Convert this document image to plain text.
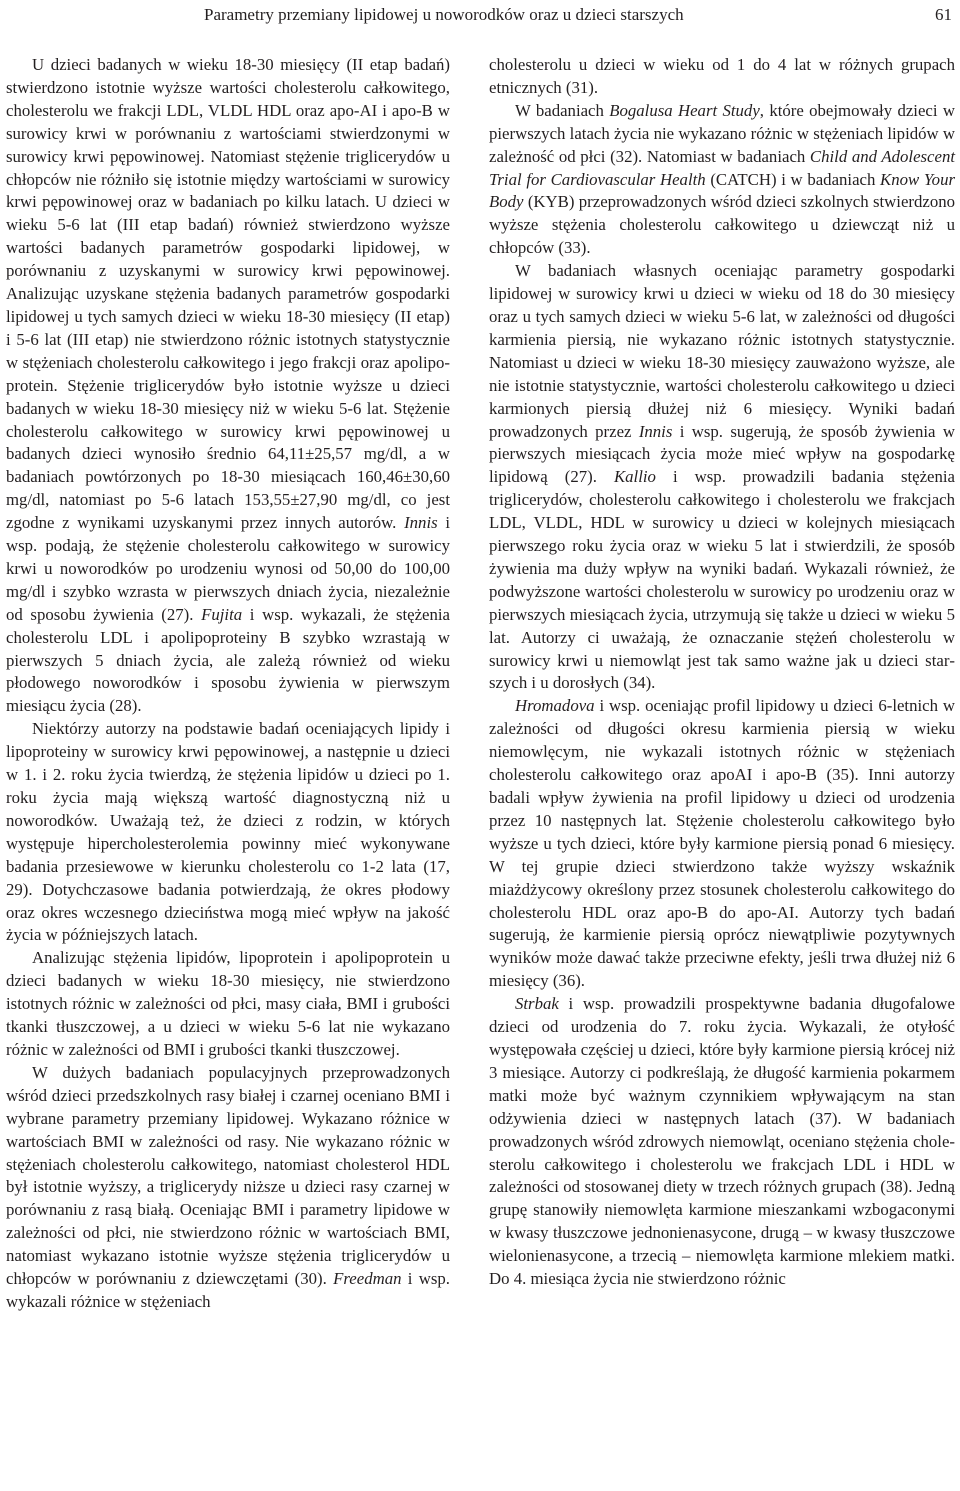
Parametry przemiany lipidowej u noworodków oraz u dzieci starszych	61

U dzieci badanych w wieku 18-30 miesięcy (II etap badań) stwierdzono istotnie wyższe wartości cholesterolu całkowitego, cholesterolu we frakcji LDL, VLDL HDL oraz apo-AI i apo-B w surowicy krwi w porównaniu z wartościami stwierdzonymi w surowicy krwi pępowinowej. Natomiast stężenie triglicerydów u chłopców nie różniło się istotnie między wartościami w surowicy krwi pępowinowej oraz w badaniach po kilku latach. U dzieci w wieku 5-6 lat (III etap badań) również stwierdzono wyższe wartości badanych parametrów gospodarki lipidowej, w porównaniu z uzyskanymi w surowicy krwi pępowinowej. Analizując uzyskane stężenia badanych parametrów gospodarki lipidowej u tych samych dzieci w wieku 18-30 miesięcy (II etap) i 5-6 lat (III etap) nie stwierdzono różnic istotnych statystycznie w stężeniach cholesterolu całkowitego i jego frakcji oraz apolipoprotein. Stężenie triglicerydów było istotnie wyższe u dzieci badanych w wieku 18-30 miesięcy niż w wieku 5-6 lat. Stężenie cholesterolu całkowitego w surowicy krwi pępowinowej u badanych dzieci wynosiło średnio 64,11±25,57 mg/dl, a w badaniach powtórzonych po 18-30 miesiącach 160,46±30,60 mg/dl, natomiast po 5-6 latach 153,55±27,90 mg/dl, co jest zgodne z wynikami uzyskanymi przez innych autorów. Innis i wsp. podają, że stężenie cholesterolu całkowitego w surowicy krwi u noworodków po urodzeniu wynosi od 50,00 do 100,00 mg/dl i szybko wzrasta w pierwszych dniach życia, niezależnie od sposobu żywienia (27). Fujita i wsp. wykazali, że stężenia cholesterolu LDL i apolipoproteiny B szybko wzrastają w pierwszych 5 dniach życia, ale zależą również od wieku płodowego noworodków i sposobu żywienia w pierwszym miesiącu życia (28).

Niektórzy autorzy na podstawie badań oceniających lipidy i lipoproteiny w surowicy krwi pępowinowej, a następnie u dzieci w 1. i 2. roku życia twierdzą, że stężenia lipidów u dzieci po 1. roku życia mają większą wartość diagnostyczną niż u noworodków. Uważają też, że dzieci z rodzin, w których występuje hipercholesterolemia powinny mieć wykonywane badania przesiewowe w kierunku cholesterolu co 1-2 lata (17, 29). Dotychczasowe badania potwierdzają, że okres płodowy oraz okres wczesnego dzieciństwa mogą mieć wpływ na jakość życia w późniejszych latach.

Analizując stężenia lipidów, lipoprotein i apolipoprotein u dzieci badanych w wieku 18-30 miesięcy, nie stwierdzono istotnych różnic w zależności od płci, masy ciała, BMI i grubości tkanki tłuszczowej, a u dzieci w wieku 5-6 lat nie wykazano różnic w zależności od BMI i grubości tkanki tłuszczowej.

W dużych badaniach populacyjnych przeprowadzonych wśród dzieci przedszkolnych rasy białej i czarnej oceniano BMI i wybrane parametry przemiany lipidowej. Wykazano różnice w wartościach BMI w zależności od rasy. Nie wykazano różnic w stężeniach cholesterolu całkowitego, natomiast cholesterol HDL był istotnie wyższy, a triglicerydy niższe u dzieci rasy czarnej w porównaniu z rasą białą. Oceniając BMI i parametry lipidowe w zależności od płci, nie stwierdzono różnic w wartościach BMI, natomiast wykazano istotnie wyższe stężenia triglicerydów u chłopców w porównaniu z dziewczętami (30). Freedman i wsp. wykazali różnice w stężeniach

cholesterolu u dzieci w wieku od 1 do 4 lat w różnych grupach etnicznych (31).

W badaniach Bogalusa Heart Study, które obejmowały dzieci w pierwszych latach życia nie wykazano różnic w stężeniach lipidów w zależność od płci (32). Natomiast w badaniach Child and Adolescent Trial for Cardiovascular Health (CATCH) i w badaniach Know Your Body (KYB) przeprowadzonych wśród dzieci szkolnych stwierdzono wyższe stężenia cholesterolu całkowitego u dziewcząt niż u chłopców (33).

W badaniach własnych oceniając parametry gospodarki lipidowej w surowicy krwi u dzieci w wieku od 18 do 30 miesięcy oraz u tych samych dzieci w wieku 5-6 lat, w zależności od długości karmienia piersią, nie wykazano różnic istotnych statystycznie. Natomiast u dzieci w wieku 18-30 miesięcy zauważono wyższe, ale nie istotnie statystycznie, wartości cholesterolu całkowitego u dzieci karmionych piersią dłużej niż 6 miesięcy. Wyniki badań prowadzonych przez Innis i wsp. sugerują, że sposób żywienia w pierwszych miesiącach życia może mieć wpływ na gospodarkę lipidową (27). Kallio i wsp. prowadzili badania stężenia triglicerydów, cholesterolu całkowitego i cholesterolu we frakcjach LDL, VLDL, HDL w surowicy u dzieci w kolejnych miesiącach pierwszego roku życia oraz w wieku 5 lat i stwierdzili, że sposób żywienia ma duży wpływ na wyniki badań. Wykazali również, że podwyższone wartości cholesterolu w surowicy po urodzeniu oraz w pierwszych miesiącach życia, utrzymują się także u dzieci w wieku 5 lat. Autorzy ci uważają, że oznaczanie stężeń cholesterolu w surowicy krwi u niemowląt jest tak samo ważne jak u dzieci starszych i u dorosłych (34).

Hromadova i wsp. oceniając profil lipidowy u dzieci 6-letnich w zależności od długości okresu karmienia piersią w wieku niemowlęcym, nie wykazali istotnych różnic w stężeniach cholesterolu całkowitego oraz apoAI i apo-B (35). Inni autorzy badali wpływ żywienia na profil lipidowy u dzieci od urodzenia przez 10 następnych lat. Stężenie cholesterolu całkowitego było wyższe u tych dzieci, które były karmione piersią ponad 6 miesięcy. W tej grupie dzieci stwierdzono także wyższy wskaźnik miażdżycowy określony przez stosunek cholesterolu całkowitego do cholesterolu HDL oraz apo-B do apo-AI. Autorzy tych badań sugerują, że karmienie piersią oprócz niewątpliwie pozytywnych wyników może dawać także przeciwne efekty, jeśli trwa dłużej niż 6 miesięcy (36).

Strbak i wsp. prowadzili prospektywne badania długofalowe dzieci od urodzenia do 7. roku życia. Wykazali, że otyłość występowała częściej u dzieci, które były karmione piersią krócej niż 3 miesiące. Autorzy ci podkreślają, że długość karmienia pokarmem matki może być ważnym czynnikiem wpływającym na stan odżywienia dzieci w następnych latach (37). W badaniach prowadzonych wśród zdrowych niemowląt, oceniano stężenia cholesterolu całkowitego i cholesterolu we frakcjach LDL i HDL w zależności od stosowanej diety w trzech różnych grupach (38). Jedną grupę stanowiły niemowlęta karmione mieszankami wzbogaconymi w kwasy tłuszczowe jednonienasycone, drugą – w kwasy tłuszczowe wielonienasycone, a trzecią – niemowlęta karmione mlekiem matki. Do 4. miesiąca życia nie stwierdzono różnic
